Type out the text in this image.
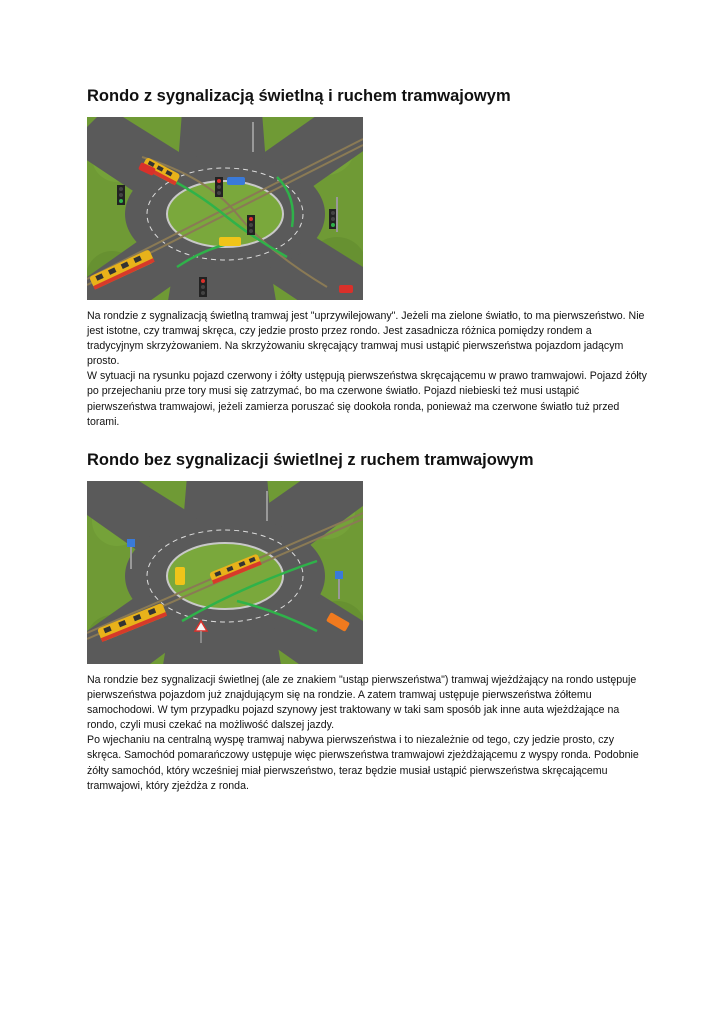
Rondo z sygnalizacją świetlną i ruchem tramwajowym

Na rondzie z sygnalizacją świetlną tramwaj jest "uprzywilejowany". Jeżeli ma zielone światło, to ma pierwszeństwo. Nie jest istotne, czy tramwaj skręca, czy jedzie prosto przez rondo. Jest zasadnicza różnica pomiędzy rondem a tradycyjnym skrzyżowaniem. Na skrzyżowaniu skręcający tramwaj musi ustąpić pierwszeństwa pojazdom jadącym prosto.

W sytuacji na rysunku pojazd czerwony i żółty ustępują pierwszeństwa skręcającemu w prawo tramwajowi. Pojazd żółty po przejechaniu prze tory musi się zatrzymać, bo ma czerwone światło. Pojazd niebieski też musi ustąpić pierwszeństwa tramwajowi, jeżeli zamierza poruszać się dookoła ronda, ponieważ ma czerwone światło tuż przed torami.

Rondo bez sygnalizacji świetlnej z ruchem tramwajowym

Na rondzie bez sygnalizacji świetlnej (ale ze znakiem "ustąp pierwszeństwa") tramwaj wjeżdżający na rondo ustępuje pierwszeństwa pojazdom już znajdującym się na rondzie. A zatem tramwaj ustępuje pierwszeństwa żółtemu samochodowi. W tym przypadku pojazd szynowy jest traktowany w taki sam sposób jak inne auta wjeżdżające na rondo, czyli musi czekać na możliwość dalszej jazdy.

Po wjechaniu na centralną wyspę tramwaj nabywa pierwszeństwa i to niezależnie od tego, czy jedzie prosto, czy skręca. Samochód pomarańczowy ustępuje więc pierwszeństwa tramwajowi zjeżdżającemu z wyspy ronda. Podobnie żółty samochód, który wcześniej miał pierwszeństwo, teraz będzie musiał ustąpić pierwszeństwa skręcającemu tramwajowi, który zjeżdża z ronda.
